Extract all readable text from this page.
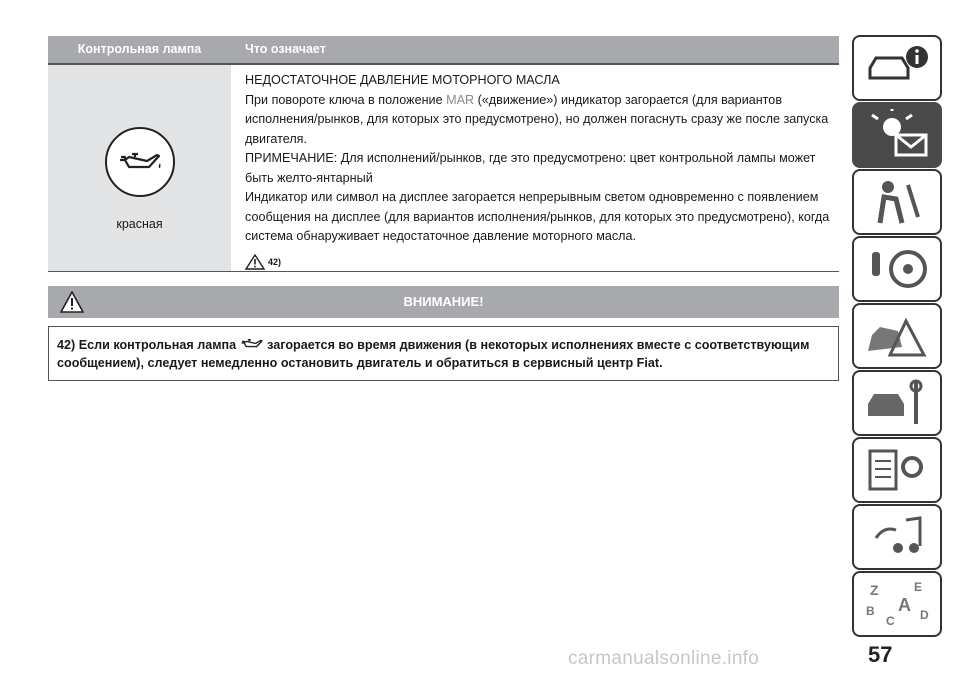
Контрольная лампа	Что означает
красная

НЕДОСТАТОЧНОЕ ДАВЛЕНИЕ МОТОРНОГО МАСЛА

При повороте ключа в положение MAR («движение») индикатор загорается (для вариантов исполнения/рынков, для которых это предусмотрено), но должен погаснуть сразу же после запуска двигателя.

ПРИМЕЧАНИЕ: Для исполнений/рынков, где это предусмотрено: цвет контрольной лампы может быть желто-янтарный

Индикатор или символ на дисплее загорается непрерывным светом одновременно с появлением сообщения на дисплее (для вариантов исполнения/рынков, для которых это предусмотрено), когда система обнаруживает недостаточное давление моторного масла.

42)
ВНИМАНИЕ!
42) Если контрольная лампа  загорается во время движения (в некоторых исполнениях вместе с соответствующим сообщением), следует немедленно остановить двигатель и обратиться в сервисный центр Fiat.
Z	E
B A D
C
57
carmanualsonline.info
